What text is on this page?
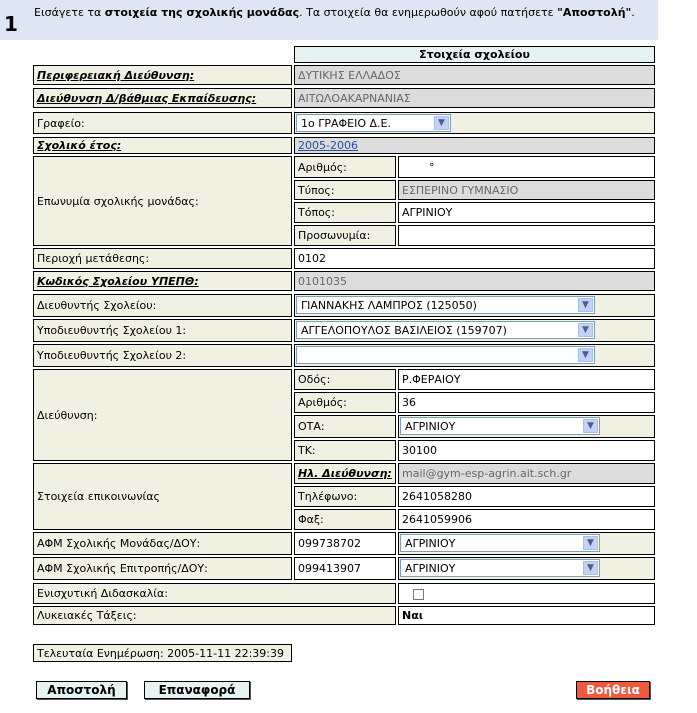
1 Εισάγετε τα στοιχεία της σχολικής μονάδας. Τα στοιχεία θα ενημερωθούν αφού πατήσετε "Αποστολή".
Στοιχεία σχολείου
Περιφερειακή Διεύθυνση:	ΔΥΤΙΚΗΣ ΕΛΛΑΔΟΣ
Διεύθυνση Δ/βάθμιας Εκπαίδευσης:	ΑΙΤΩΛΟΑΚΑΡΝΑΝΙΑΣ
Γραφείο:	1ο ΓΡΑΦΕΙΟ Δ.Ε.	▼
Σχολικό έτος:	2005-2006
Επωνυμία σχολικής μονάδας:
Αριθμός:	°
Τύπος:	ΕΣΠΕΡΙΝΟ ΓΥΜΝΑΣΙΟ
Τόπος:	ΑΓΡΙΝΙΟΥ
Προσωνυμία:
Περιοχή μετάθεσης:	0102
Κωδικός Σχολείου ΥΠΕΠΘ:	0101035
Διευθυντής Σχολείου:	ΓΙΑΝΝΑΚΗΣ ΛΑΜΠΡΟΣ (125050)	▼
Υποδιευθυντής Σχολείου 1:	ΑΓΓΕΛΟΠΟΥΛΟΣ ΒΑΣΙΛΕΙΟΣ (159707)	▼
Υποδιευθυντής Σχολείου 2:	▼
Διεύθυνση:
Οδός:	Ρ.ΦΕΡΑΙΟΥ
Αριθμός:	36
ΟΤΑ:	ΑΓΡΙΝΙΟΥ	▼
ΤΚ:	30100
Στοιχεία επικοινωνίας
Ηλ. Διεύθυνση: mail@gym-esp-agrin.ait.sch.gr
Τηλέφωνο:	2641058280
Φαξ:	2641059906
ΑΦΜ Σχολικής Μονάδας/ΔΟΥ:	099738702	ΑΓΡΙΝΙΟΥ	▼
ΑΦΜ Σχολικής Επιτροπής/ΔΟΥ:	099413907	ΑΓΡΙΝΙΟΥ	▼
Ενισχυτική Διδασκαλία:
Λυκειακές Τάξεις:	Ναι
Τελευταία Ενημέρωση: 2005-11-11 22:39:39
Αποστολή	Επαναφορά	Βοήθεια
